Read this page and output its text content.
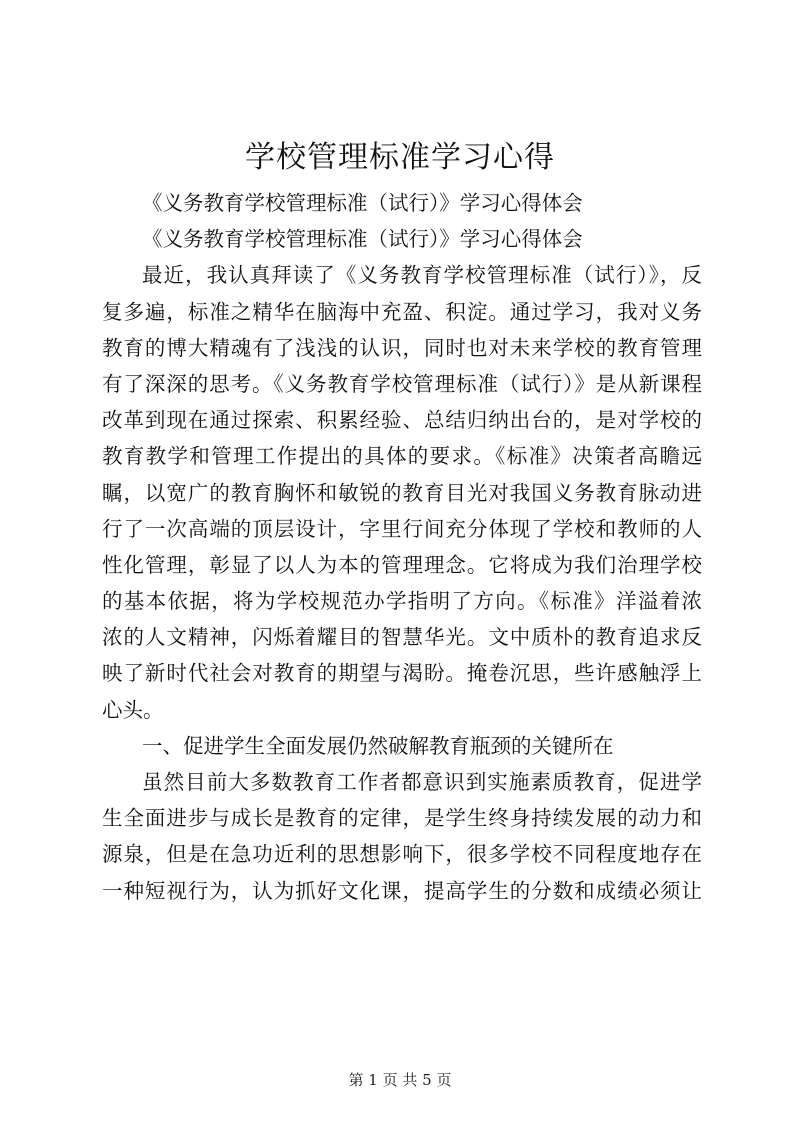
学校管理标准学习心得
《义务教育学校管理标准（试行）》学习心得体会
《义务教育学校管理标准（试行）》学习心得体会
最近，我认真拜读了《义务教育学校管理标准（试行）》，反
复多遍，标准之精华在脑海中充盈、积淀。通过学习，我对义务
教育的博大精魂有了浅浅的认识，同时也对未来学校的教育管理
有了深深的思考。《义务教育学校管理标准（试行）》是从新课程
改革到现在通过探索、积累经验、总结归纳出台的，是对学校的
教育教学和管理工作提出的具体的要求。《标准》决策者高瞻远
瞩，以宽广的教育胸怀和敏锐的教育目光对我国义务教育脉动进
行了一次高端的顶层设计，字里行间充分体现了学校和教师的人
性化管理，彰显了以人为本的管理理念。它将成为我们治理学校
的基本依据，将为学校规范办学指明了方向。《标准》洋溢着浓
浓的人文精神，闪烁着耀目的智慧华光。文中质朴的教育追求反
映了新时代社会对教育的期望与渴盼。掩卷沉思，些许感触浮上
心头。
一、促进学生全面发展仍然破解教育瓶颈的关键所在
虽然目前大多数教育工作者都意识到实施素质教育，促进学
生全面进步与成长是教育的定律，是学生终身持续发展的动力和
源泉，但是在急功近利的思想影响下，很多学校不同程度地存在
一种短视行为，认为抓好文化课，提高学生的分数和成绩必须让
第 1 页 共 5 页
